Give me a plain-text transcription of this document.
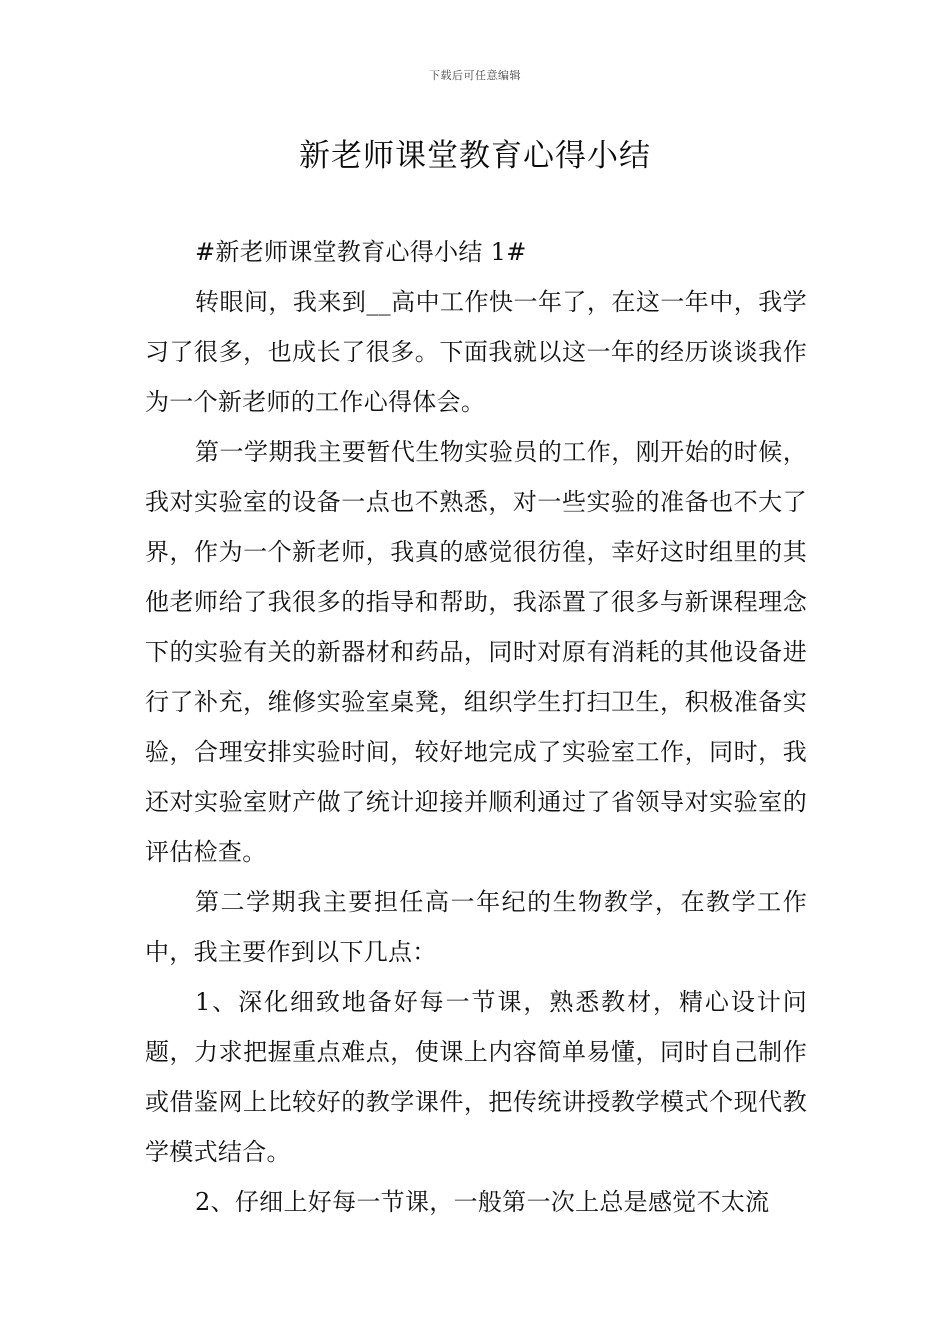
下载后可任意编辑
新老师课堂教育心得小结

#新老师课堂教育心得小结 1#

转眼间，我来到__高中工作快一年了，在这一年中，我学习了很多，也成长了很多。下面我就以这一年的经历谈谈我作为一个新老师的工作心得体会。

第一学期我主要暂代生物实验员的工作，刚开始的时候，我对实验室的设备一点也不熟悉，对一些实验的准备也不大了界，作为一个新老师，我真的感觉很彷徨，幸好这时组里的其他老师给了我很多的指导和帮助，我添置了很多与新课程理念下的实验有关的新器材和药品，同时对原有消耗的其他设备进行了补充，维修实验室桌凳，组织学生打扫卫生，积极准备实验，合理安排实验时间，较好地完成了实验室工作，同时，我还对实验室财产做了统计迎接并顺利通过了省领导对实验室的评估检查。

第二学期我主要担任高一年纪的生物教学，在教学工作中，我主要作到以下几点：

1、深化细致地备好每一节课，熟悉教材，精心设计问题，力求把握重点难点，使课上内容简单易懂，同时自己制作或借鉴网上比较好的教学课件，把传统讲授教学模式个现代教学模式结合。

2、仔细上好每一节课，一般第一次上总是感觉不太流
